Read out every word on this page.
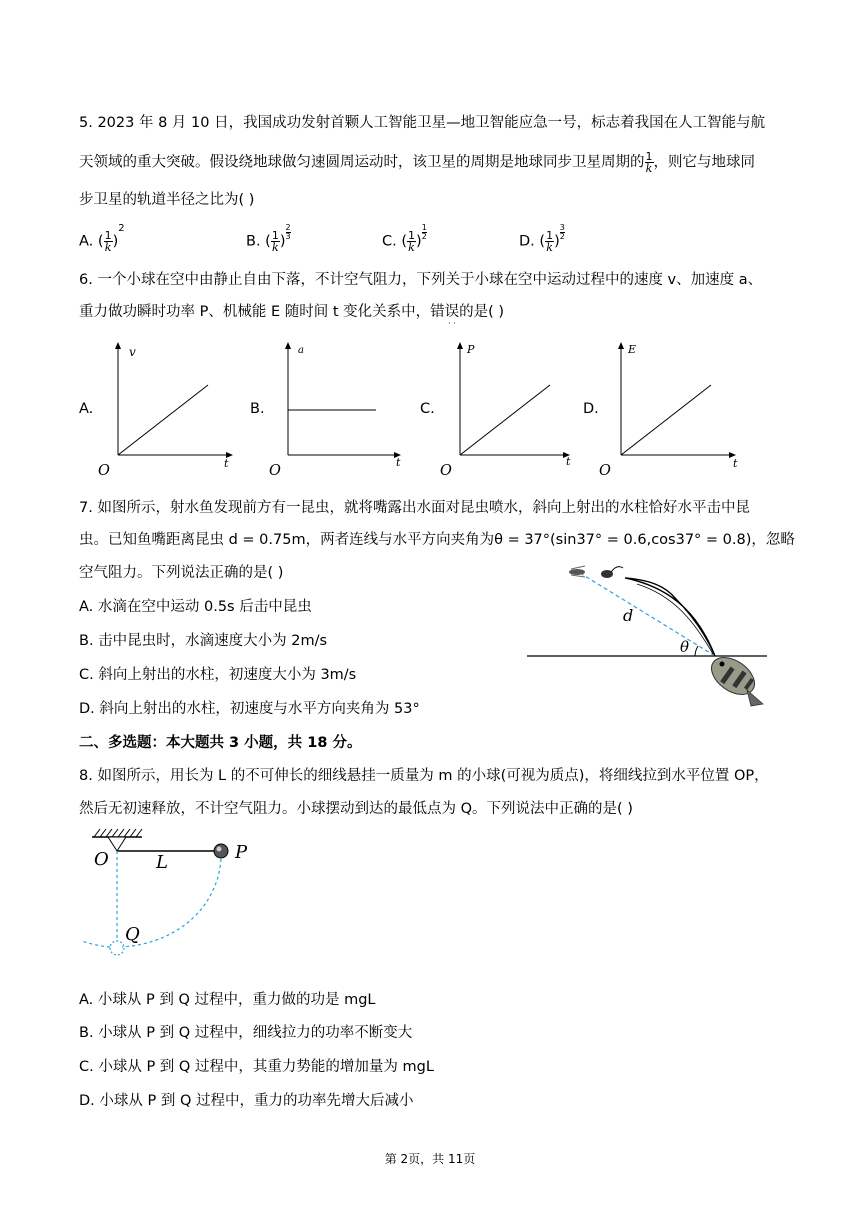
5. 2023 年 8 月 10 日，我国成功发射首颗人工智能卫星—地卫智能应急一号，标志着我国在人工智能与航
天领域的重大突破。假设绕地球做匀速圆周运动时，该卫星的周期是地球同步卫星周期的 $\frac{1}{k}$ ，则它与地球同
步卫星的轨道半径之比为( )
A. ( $\frac{1}{k} )2$
B. ( $\frac{1}{k}$ )
$\frac{2}{3}$
C. ( $\frac{1}{k}$ )
$\frac{1}{2}$
D. ( $\frac{1}{k}$ )
$\frac{3}{2}$
6. 一个小球在空中由静止自由下落，不计空气阻力，下列关于小球在空中运动过程中的速度 v、加速度 a、
重力做功瞬时功率 P、机械能 E 随时间 t 变化关系中，错误的是( )
· ·
A.
v
t
O
B.
a
t
O
C.
P
t
O
D.
E
t
O
7. 如图所示，射水鱼发现前方有一昆虫，就将嘴露出水面对昆虫喷水，斜向上射出的水柱恰好水平击中昆
虫。已知鱼嘴距离昆虫 d = 0.75m，两者连线与水平方向夹角为θ = 37°(sin37° = 0.6,cos37° = 0.8)，忽略
空气阻力。下列说法正确的是( )
A. 水滴在空中运动 0.5s 后击中昆虫
B. 击中昆虫时，水滴速度大小为 2m/s
C. 斜向上射出的水柱，初速度大小为 3m/s
D. 斜向上射出的水柱，初速度与水平方向夹角为 53°
d
θ
二、多选题：本大题共 3 小题，共 18 分。
8. 如图所示，用长为 L 的不可伸长的细线悬挂一质量为 m 的小球(可视为质点)，将细线拉到水平位置 OP，
然后无初速释放，不计空气阻力。小球摆动到达的最低点为 Q。下列说法中正确的是( )
O	L	P
Q
A. 小球从 P 到 Q 过程中，重力做的功是 mgL
B. 小球从 P 到 Q 过程中，细线拉力的功率不断变大
C. 小球从 P 到 Q 过程中，其重力势能的增加量为 mgL
D. 小球从 P 到 Q 过程中，重力的功率先增大后减小
第 2页，共 11页
